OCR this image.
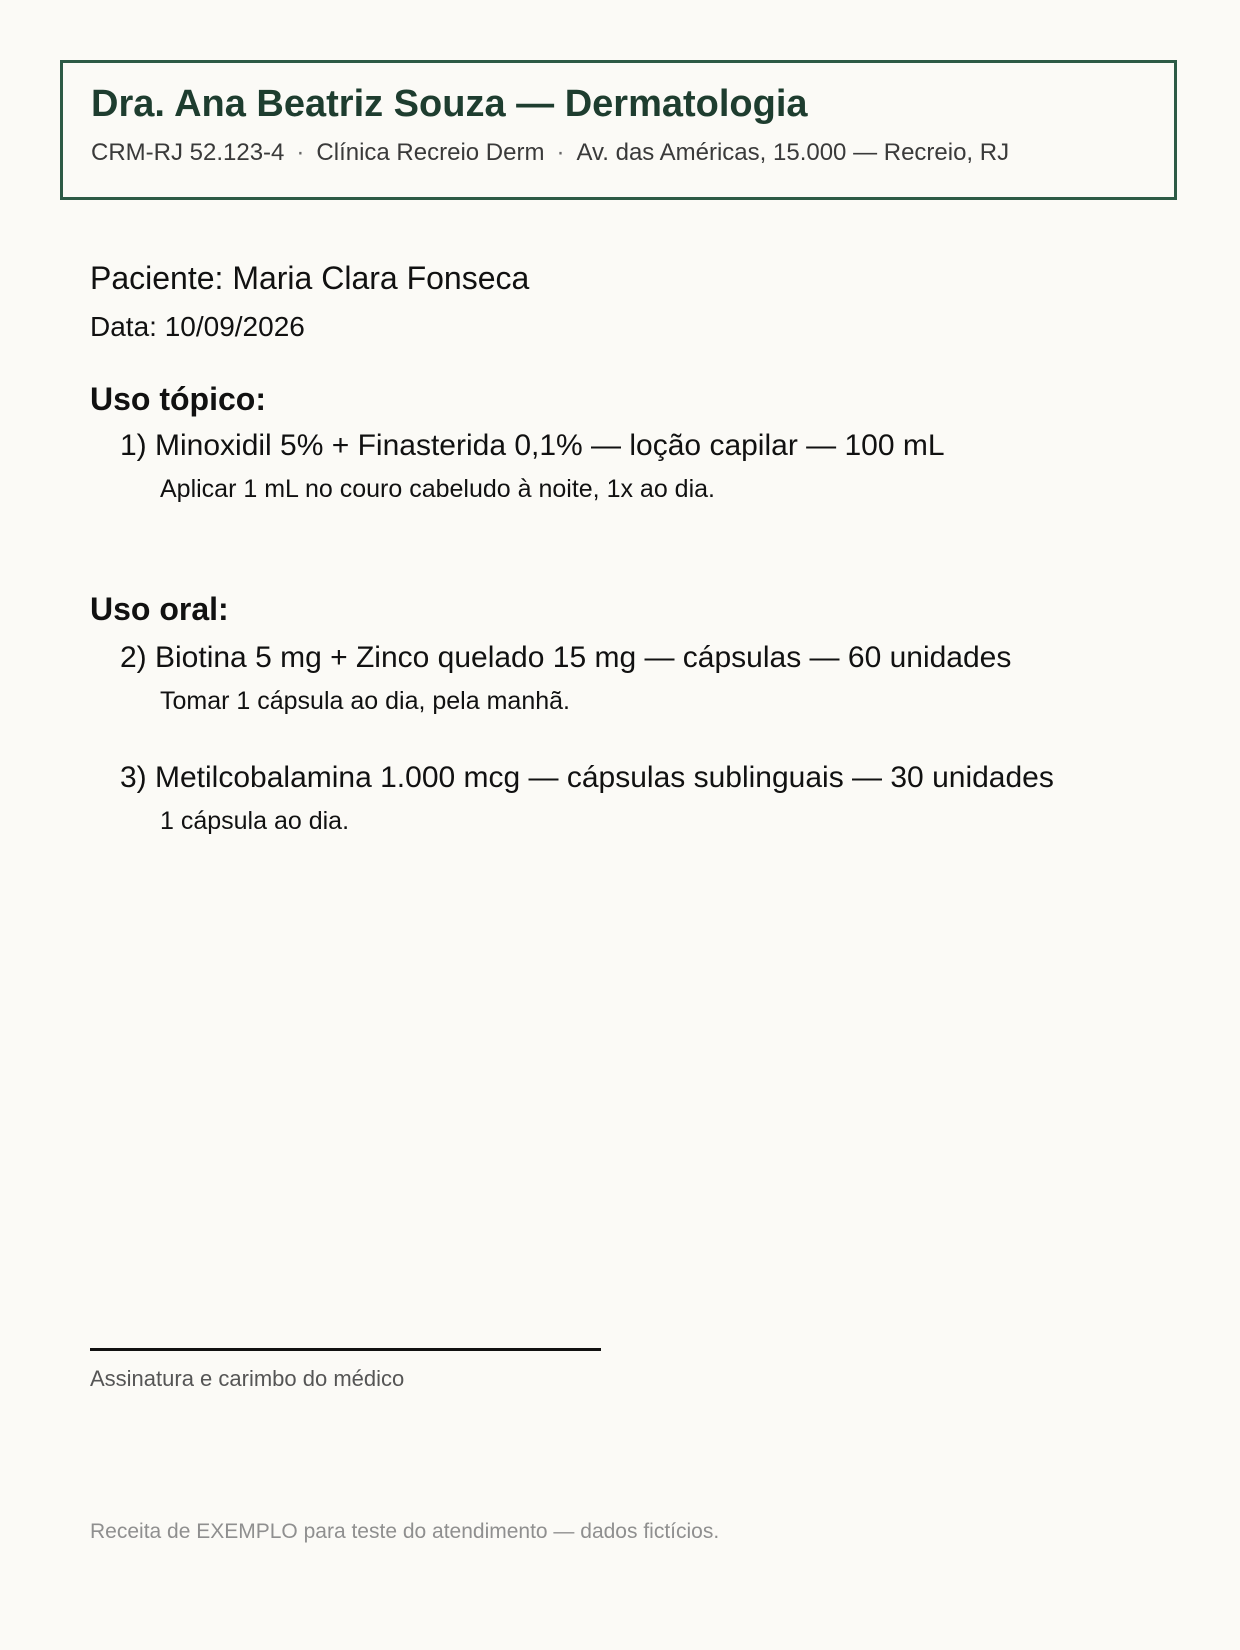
Dra. Ana Beatriz Souza — Dermatologia
CRM-RJ 52.123-4 · Clínica Recreio Derm · Av. das Américas, 15.000 — Recreio, RJ
Paciente: Maria Clara Fonseca
Data: 10/09/2026
Uso tópico:
1) Minoxidil 5% + Finasterida 0,1% — loção capilar — 100 mL
Aplicar 1 mL no couro cabeludo à noite, 1x ao dia.
Uso oral:
2) Biotina 5 mg + Zinco quelado 15 mg — cápsulas — 60 unidades
Tomar 1 cápsula ao dia, pela manhã.
3) Metilcobalamina 1.000 mcg — cápsulas sublinguais — 30 unidades
1 cápsula ao dia.
Assinatura e carimbo do médico
Receita de EXEMPLO para teste do atendimento — dados fictícios.
